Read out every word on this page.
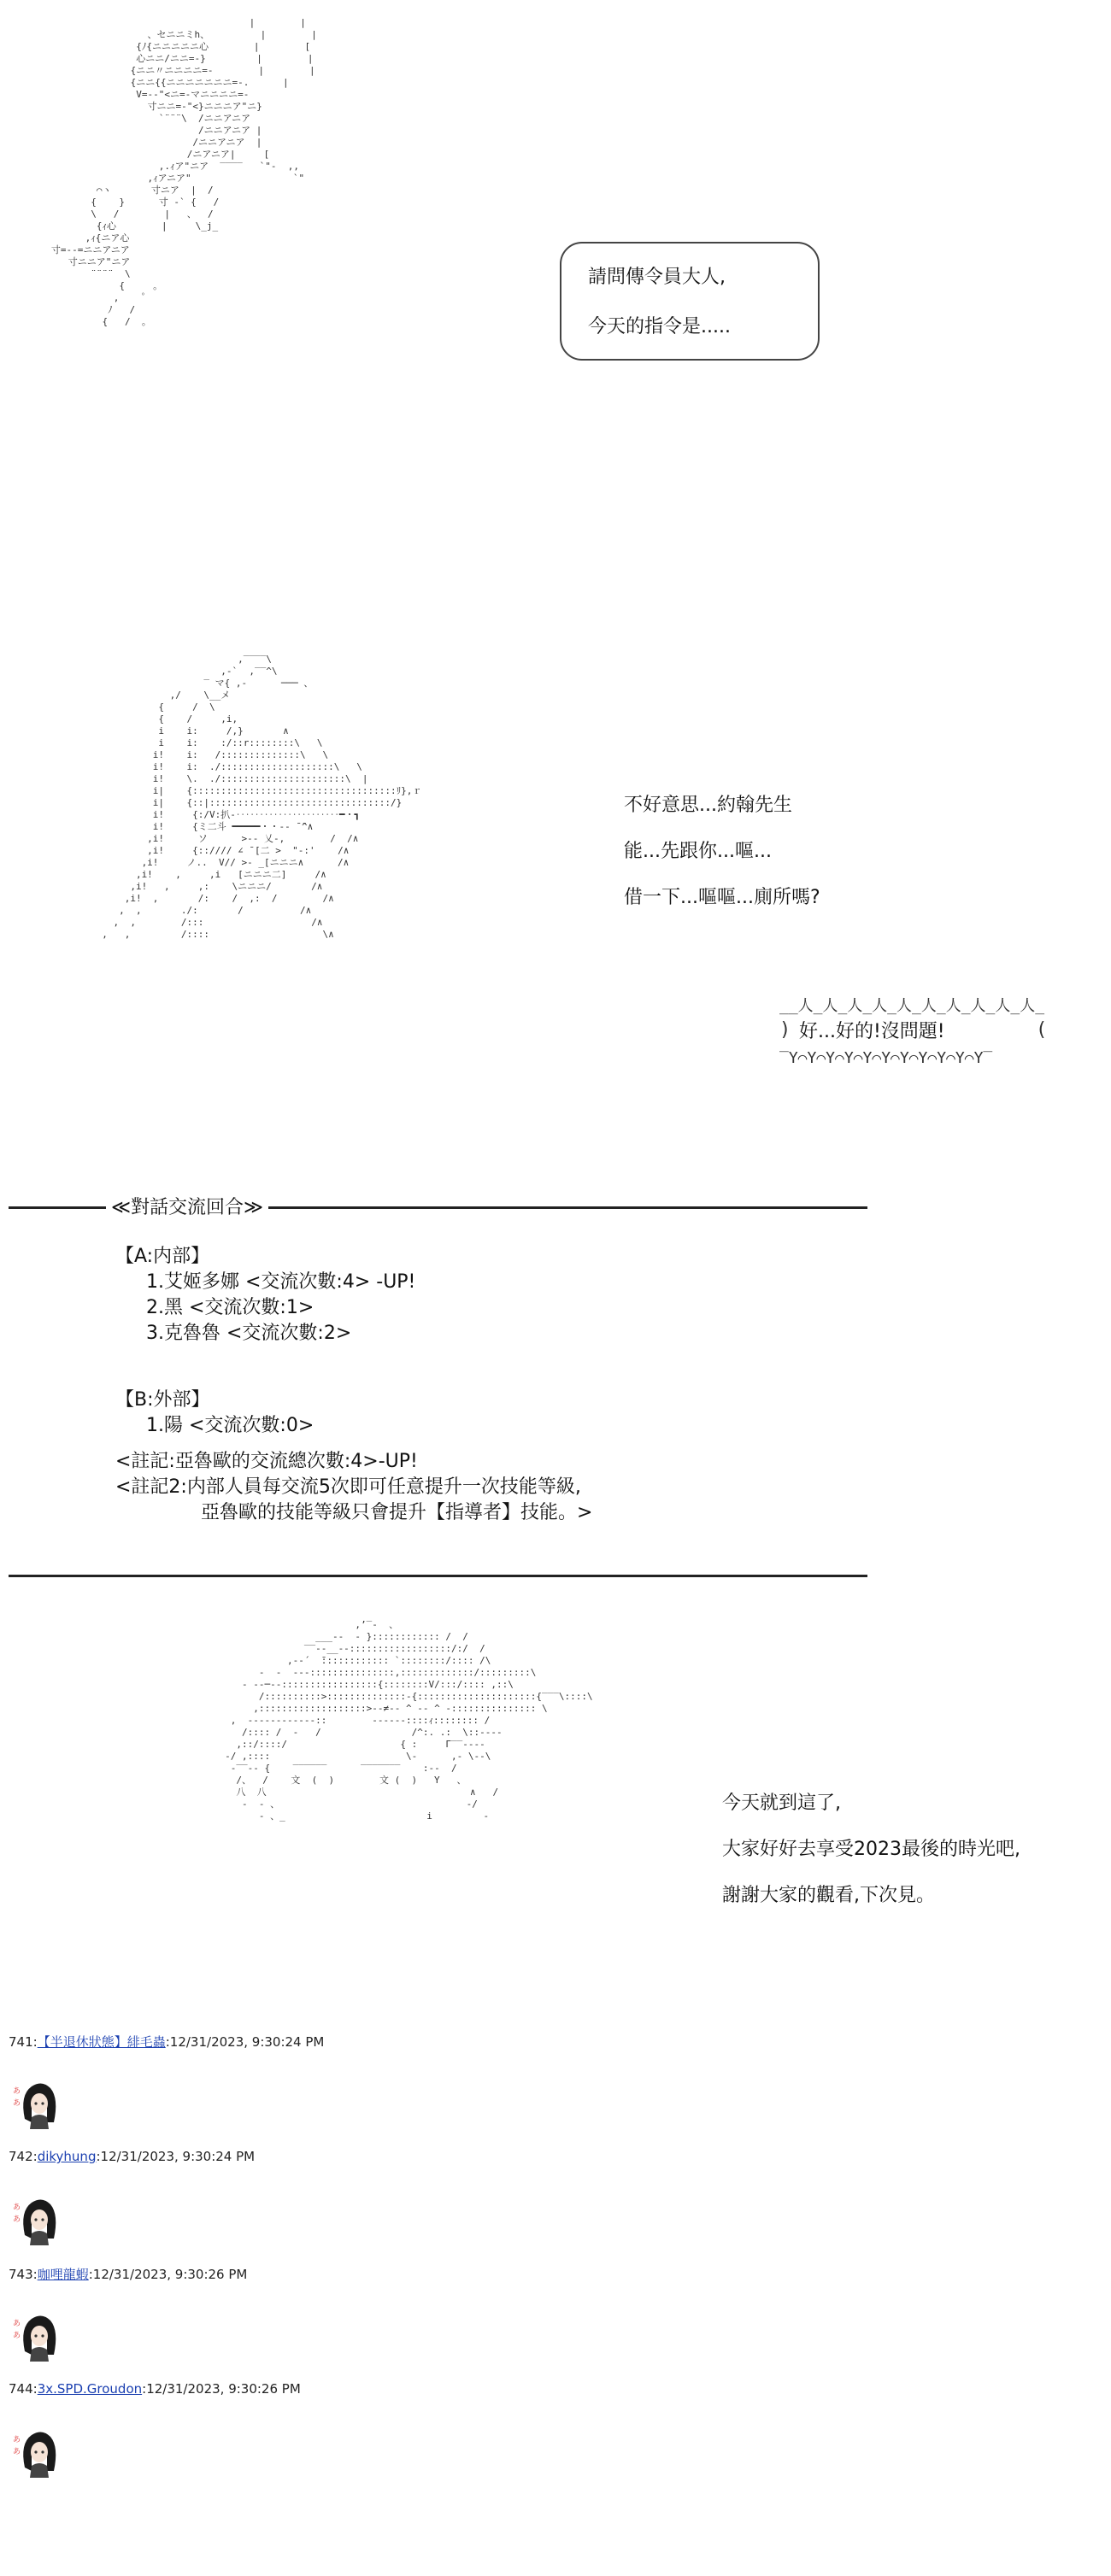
|        |
、セニニミh、         |        |
{ﾉ{ニニニニニ心        |        [
心ニニ/ニニ=-}         |        |
{ニニ〃ニニニニ=-        |        |
{ニニ{{ニニニニニニニ=-.      |
V=-‐"<ニ=-マニニニニ=-
寸ニニ=-"<}ニニニア"ニ}
`¨¨¨\  /ニニアニア
/ニニアニア |
/ニニアニア  |
/ニアニア|     [
,.ｨア"ニア  ‾‾‾‾   `"‐  ,,
,ｨアニア"                  `"
⌒ヽ       寸ニア  |  /
{    }      寸 -` {   /
\   /        |   、  /
{ｨ心        |     \_j_
,ｨ{ニア心
寸=--=ニニアニア
寸ニニア"ニア
¨¨¨¨  \
{     。
,    ゜
ﾉ   /
{   /  。
請問傳令員大人,
今天的指令是.....
,‾‾‾‾\
,‐`  ,‾‾^\
‾ マ{ ,-      ─── 、
,/    \__メ
{     /  \
{    /     ,i,
i    i:     /,}       ∧
i    i:    :/::r::::::::\   \
i!    i:   /::::::::::::::\   \
i!    i:  ./::::::::::::::::::::\   \
i!    \.  ./::::::::::::::::::::::\  |
i|    {::::::::::::::::::::::::::::::::::::ﾘ},ｒ
i|    {::|::::::::::::::::::::::::::::::::/}
i!     {:/V:扒-‥‥‥‥‥‥‥‥‥‥‥━・┓
i!     {ミ二斗 ━━━━━・・‐‐ ̄ ̄^∧
,i!      ソ      >‐‐ 乂-,        /  /∧
,i!     {:://// ∠ ̄ [二 >  "‐:'    /∧
,i!     ノ..  V// >‐ _[ニニニ∧      /∧
,i!    ,     ,i   [ニニニ二]     /∧
,i!   ,     ,:    \ニニニ/       /∧
,i!  ,       /:    /  ,:  /        /∧
,  ,       ./:       /          /∧
,  ,        /:::                   /∧
,   ,         /::::                    \∧
不好意思...約翰先生
能...先跟你...嘔...
借一下...嘔嘔...廁所嗎?
__人_人_人_人_人_人_人_人_人_人_
好...好的!沒問題!
)	(
‾Y⌒Y⌒Y⌒Y⌒Y⌒Y⌒Y⌒Y⌒Y⌒Y⌒Y‾
≪對話交流回合≫
【A:内部】
1.艾姬多娜 <交流次數:4> -UP!
2.黑 <交流次數:1>
3.克魯魯 <交流次數:2>
【B:外部】
1.陽 <交流次數:0>
<註記:亞魯歐的交流總次數:4>-UP!
<註記2:内部人員每交流5次即可任意提升一次技能等級,
亞魯歐的技能等級只會提升【指導者】技能。>
,’‾‐  、
___--  ‐ }:::::::::::: /  /
‾‾--__‐‐::::::::::::::::::/:/  /
,‐-´  ̄:::::::::::: `::::::::/:::: /\
-  ‐  ‐-‐:::::::::::::::,:::::::::::::/:::::::::\
‐ ‐-─‐‐:::::::::::::::::{::::::::V/:::/:::: ,::\
/::::::::::>::::::::::::::‐{:::::::::::::::::::::{‾‾‾\::::\
,:::::::::::::::::::>‐‐≠‐‐ ^ ‐‐ ^ ‐::::::::::::::: \
,  ‐‐‐‐‐‐‐‐‐‐‐‐::        ‐‐‐‐‐‐::::ｨ:::::::: /
/:::: /  ‐   /                /^:. .:  \::‐‐‐‐
,::/::::/                    { :     Γ‾‾‐‐‐‐
‐/ ,::::                        \‐      ,‐ \‐‐\
‐‾‾‐‐ {    ‾‾‾‾‾‾      ‾‾‾‾‾‾‾    :‐‐  /
/、  /    文  (  )        文 (  )   Y   、
八  八                                    ∧   /
‐  ‐ 、                                 ‐/
‐ 、_                         i         ‐
今天就到這了,
大家好好去享受2023最後的時光吧,
謝謝大家的觀看,下次見。
741:【半退休狀態】緋毛蟲:12/31/2023, 9:30:24 PM
あ
あ
742:dikyhung:12/31/2023, 9:30:24 PM
あ
あ
743:咖哩龍蝦:12/31/2023, 9:30:26 PM
あ
あ
744:3x.SPD.Groudon:12/31/2023, 9:30:26 PM
あ
あ
